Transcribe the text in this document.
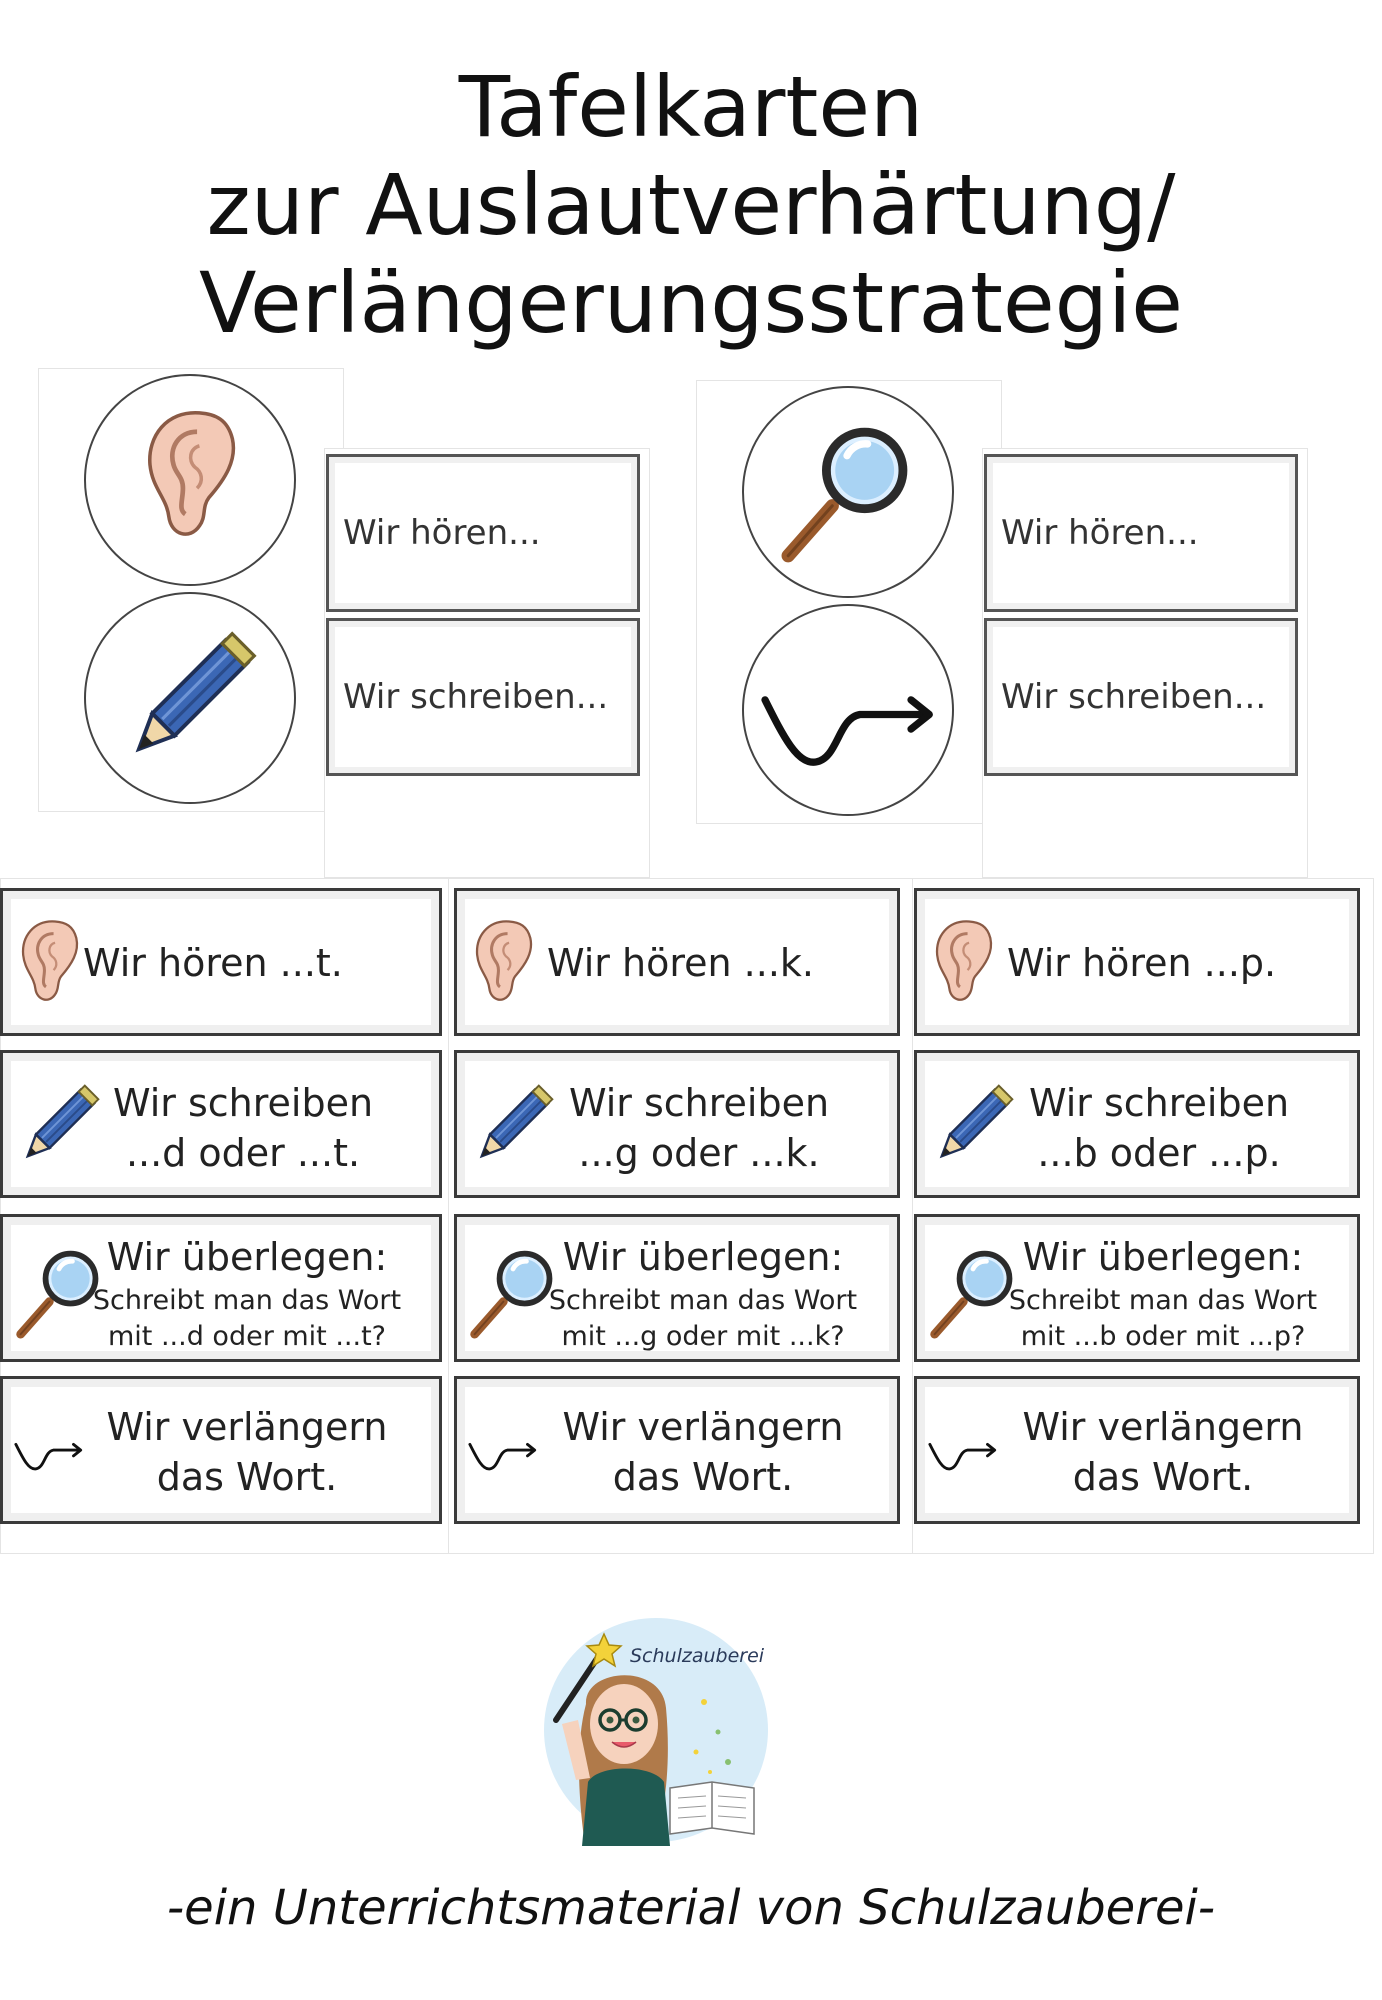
Tafelkarten
zur Auslautverhärtung/
Verlängerungsstrategie
Wir hören...
Wir schreiben...
Wir hören...
Wir schreiben...
Wir hören ...t.
Wir schreiben
...d oder ...t.
Wir überlegen:
Schreibt man das Wort
mit ...d oder mit ...t?
Wir verlängern
das Wort.
Wir hören ...k.
Wir schreiben
...g oder ...k.
Wir überlegen:
Schreibt man das Wort
mit ...g oder mit ...k?
Wir verlängern
das Wort.
Wir hören ...p.
Wir schreiben
...b oder ...p.
Wir überlegen:
Schreibt man das Wort
mit ...b oder mit ...p?
Wir verlängern
das Wort.
Schulzauberei
-ein Unterrichtsmaterial von Schulzauberei-
